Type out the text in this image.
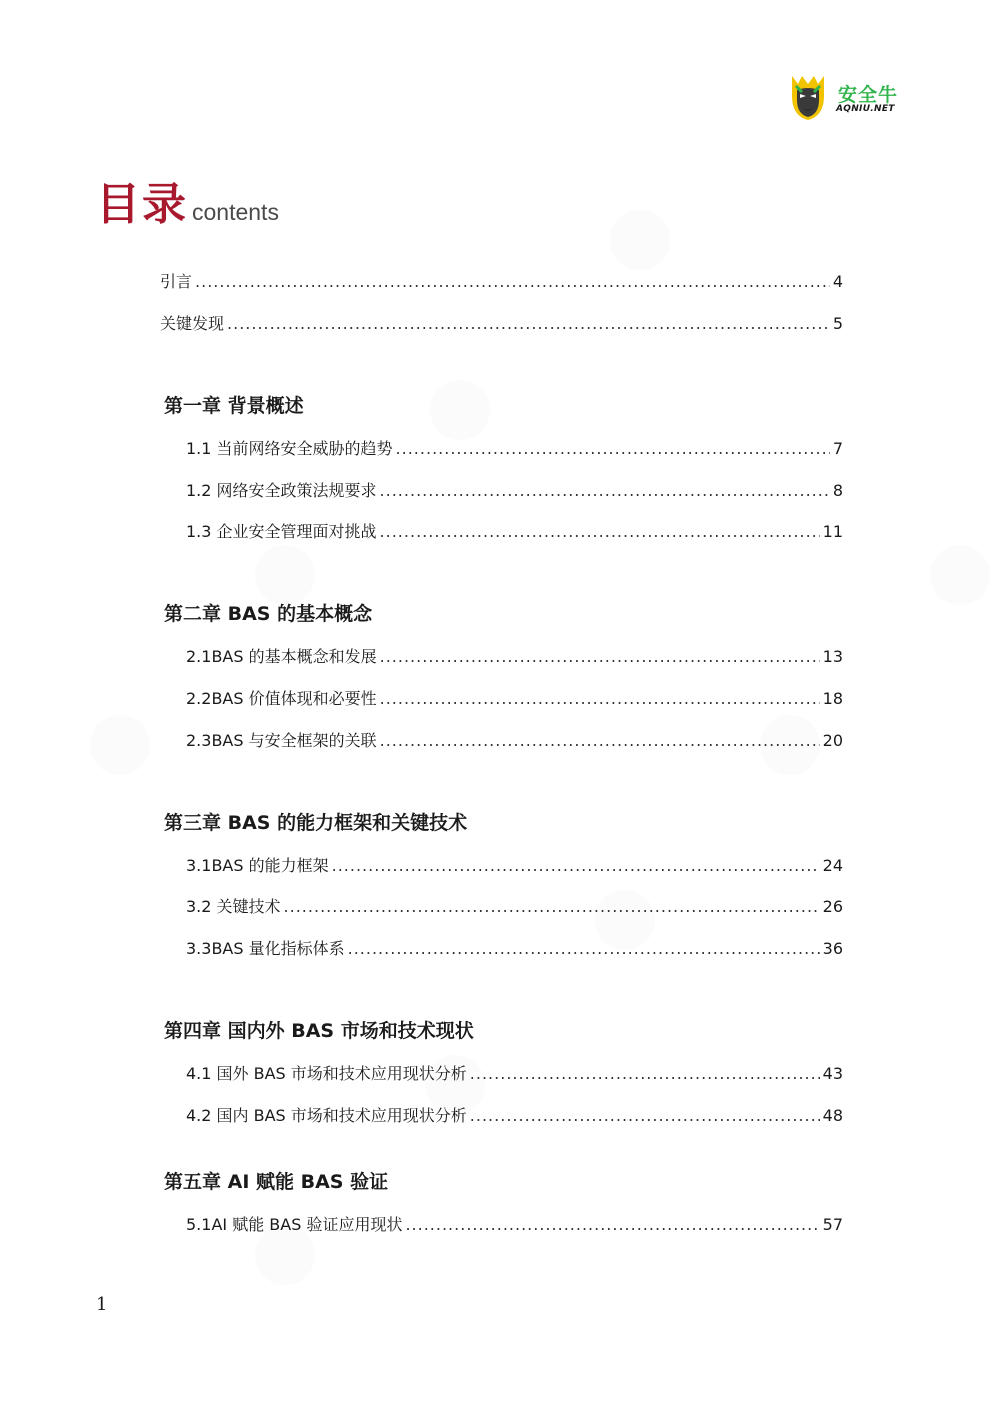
安全牛
AQNIU.NET
目录 contents
引言 .....	4
关键发现 .....	5
第一章 背景概述
1.1 当前网络安全威胁的趋势 .....	7
1.2 网络安全政策法规要求 .....	8
1.3 企业安全管理面对挑战 .....	11
第二章 BAS 的基本概念
2.1BAS 的基本概念和发展 .....	13
2.2BAS 价值体现和必要性 .....	18
2.3BAS 与安全框架的关联 .....	20
第三章 BAS 的能力框架和关键技术
3.1BAS 的能力框架 .....	24
3.2 关键技术 .....	26
3.3BAS 量化指标体系 .....	36
第四章 国内外 BAS 市场和技术现状
4.1 国外 BAS 市场和技术应用现状分析 .....	43
4.2 国内 BAS 市场和技术应用现状分析 .....	48
第五章 AI 赋能 BAS 验证
5.1AI 赋能 BAS 验证应用现状 .....	57
1
